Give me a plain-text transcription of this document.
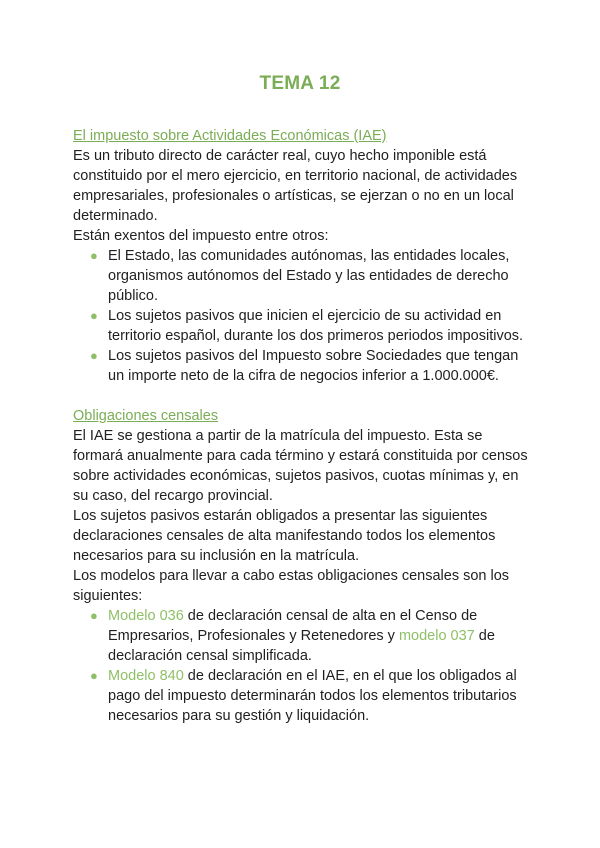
TEMA 12

El impuesto sobre Actividades Económicas (IAE)

Es un tributo directo de carácter real, cuyo hecho imponible está constituido por el mero ejercicio, en territorio nacional, de actividades empresariales, profesionales o artísticas, se ejerzan o no en un local determinado.

Están exentos del impuesto entre otros:

● El Estado, las comunidades autónomas, las entidades locales, organismos autónomos del Estado y las entidades de derecho público.
● Los sujetos pasivos que inicien el ejercicio de su actividad en territorio español, durante los dos primeros periodos impositivos.
● Los sujetos pasivos del Impuesto sobre Sociedades que tengan un importe neto de la cifra de negocios inferior a 1.000.000€.

Obligaciones censales

El IAE se gestiona a partir de la matrícula del impuesto. Esta se formará anualmente para cada término y estará constituida por censos sobre actividades económicas, sujetos pasivos, cuotas mínimas y, en su caso, del recargo provincial.

Los sujetos pasivos estarán obligados a presentar las siguientes declaraciones censales de alta manifestando todos los elementos necesarios para su inclusión en la matrícula.

Los modelos para llevar a cabo estas obligaciones censales son los siguientes:

● Modelo 036 de declaración censal de alta en el Censo de Empresarios, Profesionales y Retenedores y modelo 037 de declaración censal simplificada.
● Modelo 840 de declaración en el IAE, en el que los obligados al pago del impuesto determinarán todos los elementos tributarios necesarios para su gestión y liquidación.
